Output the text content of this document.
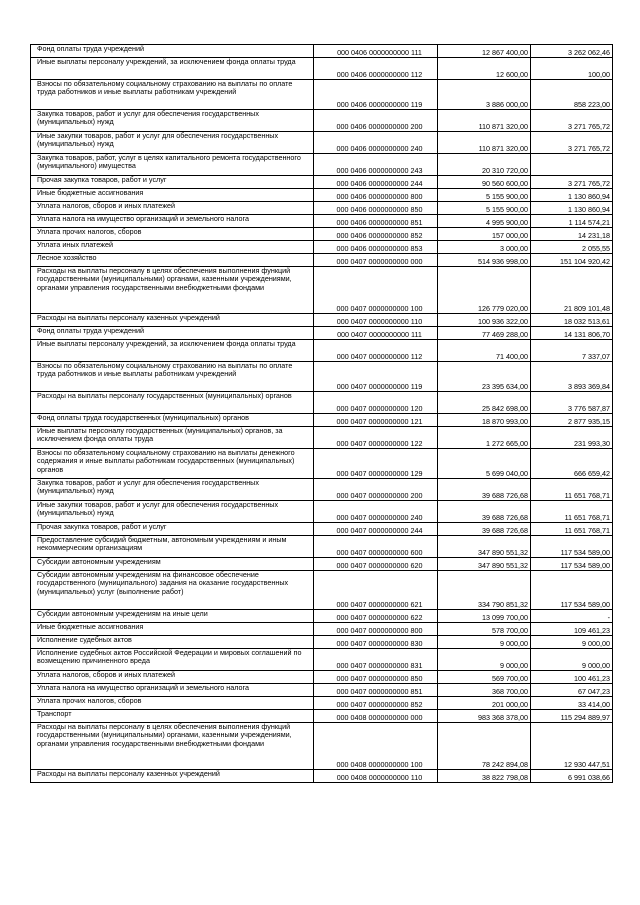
Фонд оплаты труда учреждений	000 0406 0000000000 111	12 867 400,00	3 262 062,46
Иные выплаты персоналу учреждений, за исключением фонда оплаты труда	000 0406 0000000000 112	12 600,00	100,00
Взносы по обязательному социальному страхованию на выплаты по оплате труда работников и иные выплаты работникам учреждений	000 0406 0000000000 119	3 886 000,00	858 223,00
Закупка товаров, работ и услуг для обеспечения государственных (муниципальных) нужд	000 0406 0000000000 200	110 871 320,00	3 271 765,72
Иные закупки товаров, работ и услуг для обеспечения государственных (муниципальных) нужд	000 0406 0000000000 240	110 871 320,00	3 271 765,72
Закупка товаров, работ, услуг в целях капитального ремонта государственного (муниципального) имущества	000 0406 0000000000 243	20 310 720,00	
Прочая закупка товаров, работ и услуг	000 0406 0000000000 244	90 560 600,00	3 271 765,72
Иные бюджетные ассигнования	000 0406 0000000000 800	5 155 900,00	1 130 860,94
Уплата налогов, сборов и иных платежей	000 0406 0000000000 850	5 155 900,00	1 130 860,94
Уплата налога на имущество организаций и земельного налога	000 0406 0000000000 851	4 995 900,00	1 114 574,21
Уплата прочих налогов, сборов	000 0406 0000000000 852	157 000,00	14 231,18
Уплата иных платежей	000 0406 0000000000 853	3 000,00	2 055,55
Лесное хозяйство	000 0407 0000000000 000	514 936 998,00	151 104 920,42
Расходы на выплаты персоналу в целях обеспечения выполнения функций государственными (муниципальными) органами, казенными учреждениями, органами управления государственными внебюджетными фондами	000 0407 0000000000 100	126 779 020,00	21 809 101,48
Расходы на выплаты персоналу казенных учреждений	000 0407 0000000000 110	100 936 322,00	18 032 513,61
Фонд оплаты труда учреждений	000 0407 0000000000 111	77 469 288,00	14 131 806,70
Иные выплаты персоналу учреждений, за исключением фонда оплаты труда	000 0407 0000000000 112	71 400,00	7 337,07
Взносы по обязательному социальному страхованию на выплаты по оплате труда работников и иные выплаты работникам учреждений	000 0407 0000000000 119	23 395 634,00	3 893 369,84
Расходы на выплаты персоналу государственных (муниципальных) органов	000 0407 0000000000 120	25 842 698,00	3 776 587,87
Фонд оплаты труда государственных (муниципальных) органов	000 0407 0000000000 121	18 870 993,00	2 877 935,15
Иные выплаты персоналу государственных (муниципальных) органов, за исключением фонда оплаты труда	000 0407 0000000000 122	1 272 665,00	231 993,30
Взносы по обязательному социальному страхованию на выплаты денежного содержания и иные выплаты работникам государственных (муниципальных) органов	000 0407 0000000000 129	5 699 040,00	666 659,42
Закупка товаров, работ и услуг для обеспечения государственных (муниципальных) нужд	000 0407 0000000000 200	39 688 726,68	11 651 768,71
Иные закупки товаров, работ и услуг для обеспечения государственных (муниципальных) нужд	000 0407 0000000000 240	39 688 726,68	11 651 768,71
Прочая закупка товаров, работ и услуг	000 0407 0000000000 244	39 688 726,68	11 651 768,71
Предоставление субсидий бюджетным, автономным учреждениям и иным некоммерческим организациям	000 0407 0000000000 600	347 890 551,32	117 534 589,00
Субсидии автономным учреждениям	000 0407 0000000000 620	347 890 551,32	117 534 589,00
Субсидии автономным учреждениям на финансовое обеспечение государственного (муниципального) задания на оказание государственных (муниципальных) услуг (выполнение работ)	000 0407 0000000000 621	334 790 851,32	117 534 589,00
Субсидии автономным учреждениям на иные цели	000 0407 0000000000 622	13 099 700,00	-
Иные бюджетные ассигнования	000 0407 0000000000 800	578 700,00	109 461,23
Исполнение судебных актов	000 0407 0000000000 830	9 000,00	9 000,00
Исполнение судебных актов Российской Федерации и мировых соглашений по возмещению причиненного вреда	000 0407 0000000000 831	9 000,00	9 000,00
Уплата налогов, сборов и иных платежей	000 0407 0000000000 850	569 700,00	100 461,23
Уплата налога на имущество организаций и земельного налога	000 0407 0000000000 851	368 700,00	67 047,23
Уплата прочих налогов, сборов	000 0407 0000000000 852	201 000,00	33 414,00
Транспорт	000 0408 0000000000 000	983 368 378,00	115 294 889,97
Расходы на выплаты персоналу в целях обеспечения выполнения функций государственными (муниципальными) органами, казенными учреждениями, органами управления государственными внебюджетными фондами	000 0408 0000000000 100	78 242 894,08	12 930 447,51
Расходы на выплаты персоналу казенных учреждений	000 0408 0000000000 110	38 822 798,08	6 991 038,66
